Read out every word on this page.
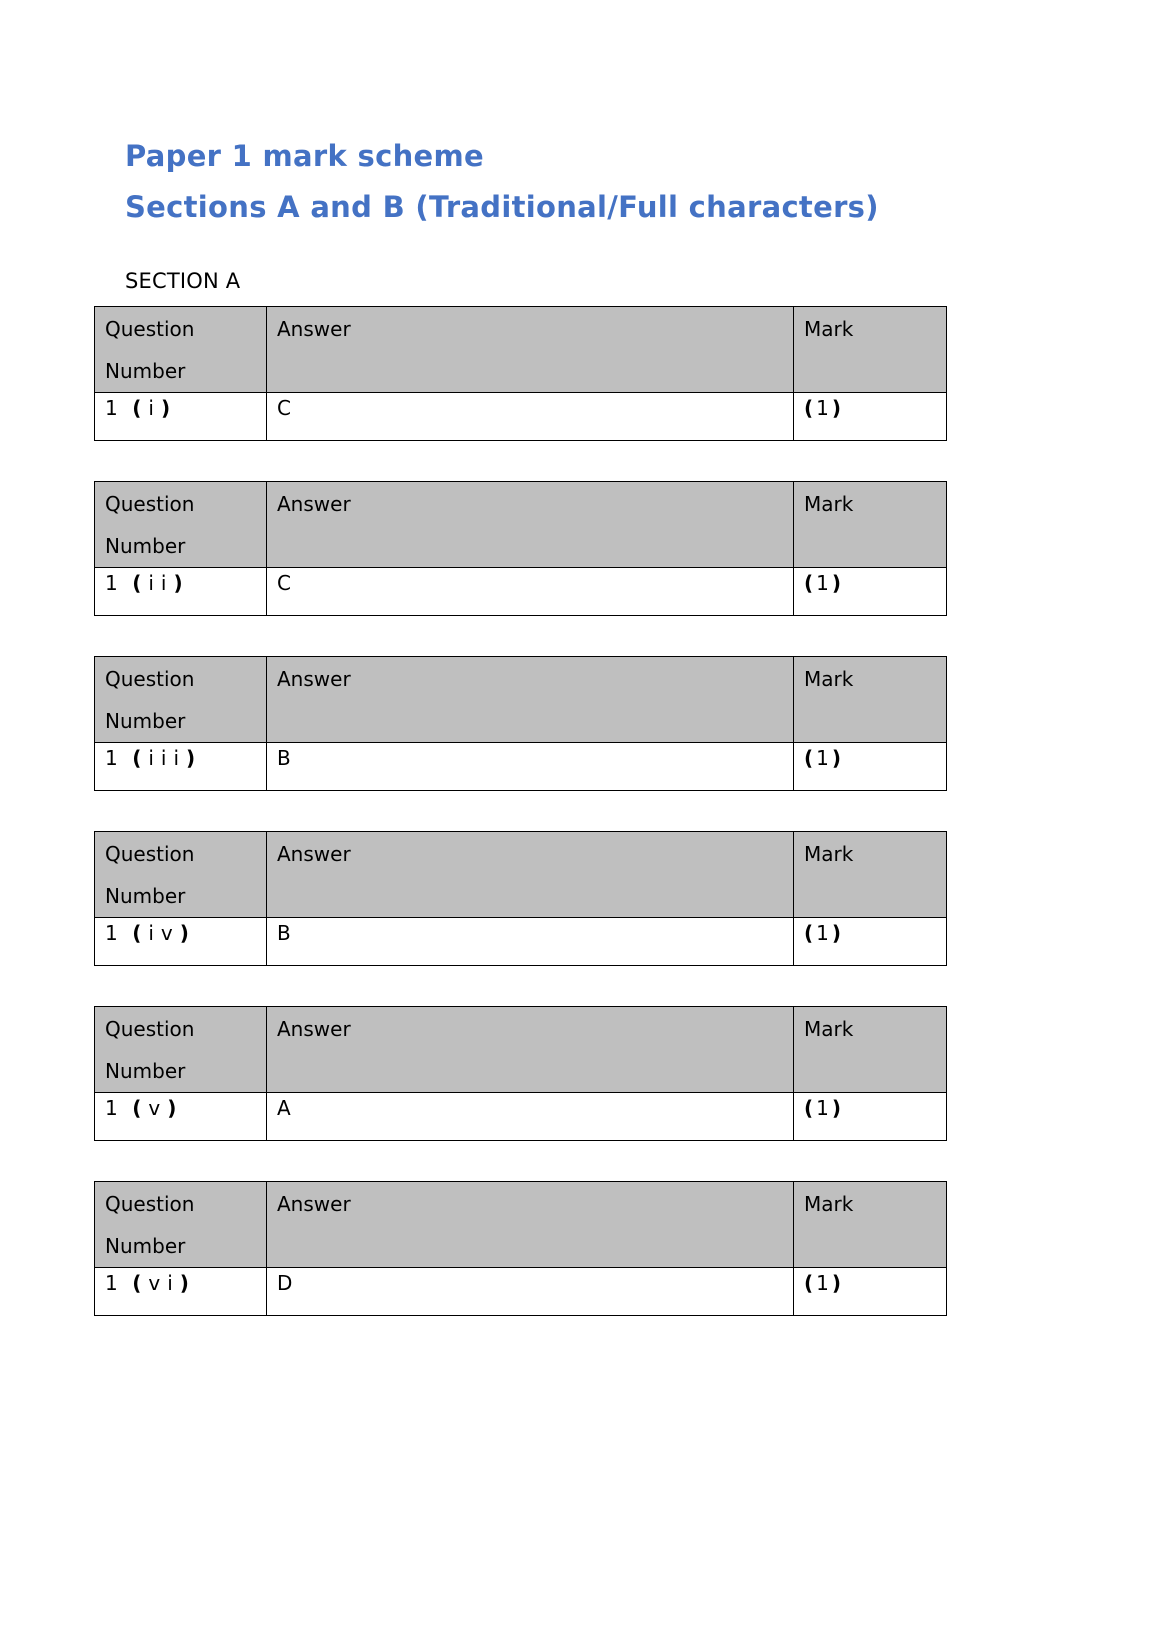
Paper 1 mark scheme
Sections A and B (Traditional/Full characters)
SECTION A
Question
Number	Answer	Mark
1 (i)	C	(1)
Question
Number	Answer	Mark
1 (ii)	C	(1)
Question
Number	Answer	Mark
1 (iii)	B	(1)
Question
Number	Answer	Mark
1 (iv)	B	(1)
Question
Number	Answer	Mark
1 (v)	A	(1)
Question
Number	Answer	Mark
1 (vi)	D	(1)
